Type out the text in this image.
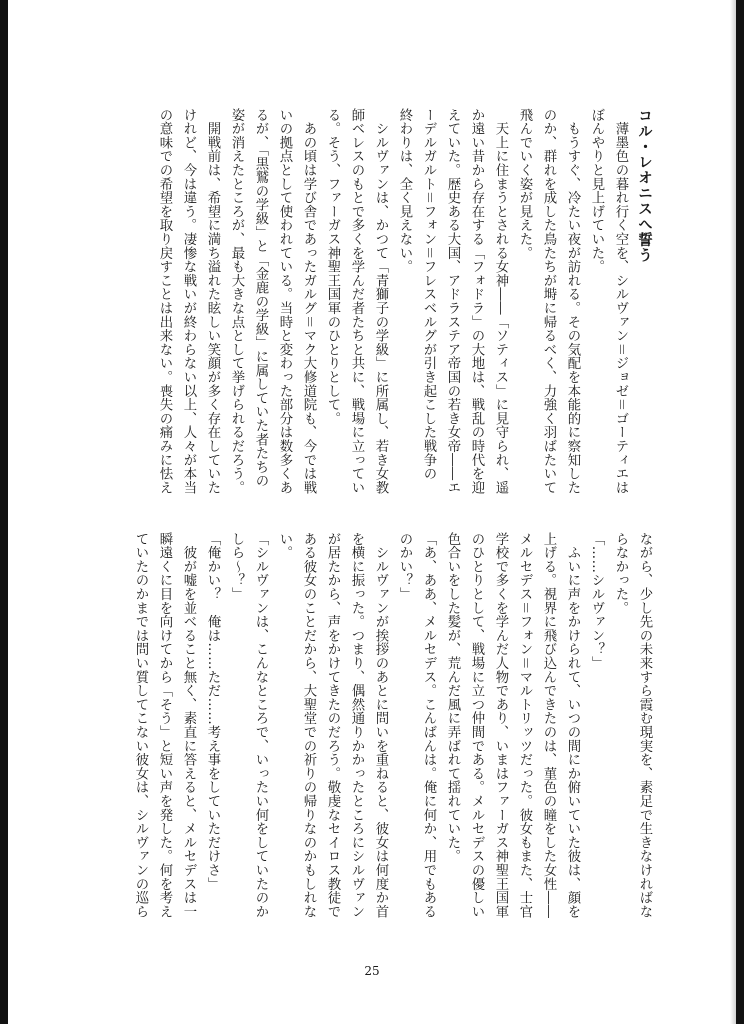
コル・レオニスへ誓う
　薄墨色の暮れ行く空を、シルヴァン＝ジョゼ＝ゴーティエは
ぼんやりと見上げていた。
　もうすぐ、冷たい夜が訪れる。その気配を本能的に察知した
のか、群れを成した鳥たちが塒に帰るべく、力強く羽ばたいて
飛んでいく姿が見えた。
　天上に住まうとされる女神――「ソティス」に見守られ、遥
か遠い昔から存在する「フォドラ」の大地は、戦乱の時代を迎
えていた。歴史ある大国、アドラステア帝国の若き女帝――エ
ーデルガルト＝フォン＝フレスベルグが引き起こした戦争の
終わりは、全く見えない。
　シルヴァンは、かつて「青獅子の学級」に所属し、若き女教
師ベレスのもとで多くを学んだ者たちと共に、戦場に立ってい
る。そう、ファーガス神聖王国軍のひとりとして。
　あの頃は学び舎であったガルグ＝マク大修道院も、今では戦
いの拠点として使われている。当時と変わった部分は数多くあ
るが、「黒鷲の学級」と「金鹿の学級」に属していた者たちの
姿が消えたところが、最も大きな点として挙げられるだろう。
　開戦前は、希望に満ち溢れた眩しい笑顔が多く存在していた
けれど、今は違う。凄惨な戦いが終わらない以上、人々が本当
の意味での希望を取り戻すことは出来ない。喪失の痛みに怯え
ながら、少し先の未来すら霞む現実を、素足で生きなければな
らなかった。
「……シルヴァン？」
　ふいに声をかけられて、いつの間にか俯いていた彼は、顔を
上げる。視界に飛び込んできたのは、菫色の瞳をした女性――
メルセデス＝フォン＝マルトリッツだった。彼女もまた、士官
学校で多くを学んだ人物であり、いまはファーガス神聖王国軍
のひとりとして、戦場に立つ仲間である。メルセデスの優しい
色合いをした髪が、荒んだ風に弄ばれて揺れていた。
「あ、ああ、メルセデス。こんばんは。俺に何か、用でもある
のかい？」
　シルヴァンが挨拶のあとに問いを重ねると、彼女は何度か首
を横に振った。つまり、偶然通りかかったところにシルヴァン
が居たから、声をかけてきたのだろう。敬虔なセイロス教徒で
ある彼女のことだから、大聖堂での祈りの帰りなのかもしれな
い。
「シルヴァンは、こんなところで、いったい何をしていたのか
しら～？」
「俺かい？　俺は……ただ……考え事をしていただけさ」
　彼が嘘を並べること無く、素直に答えると、メルセデスは一
瞬遠くに目を向けてから「そう」と短い声を発した。何を考え
ていたのかまでは問い質してこない彼女は、シルヴァンの巡ら
25
